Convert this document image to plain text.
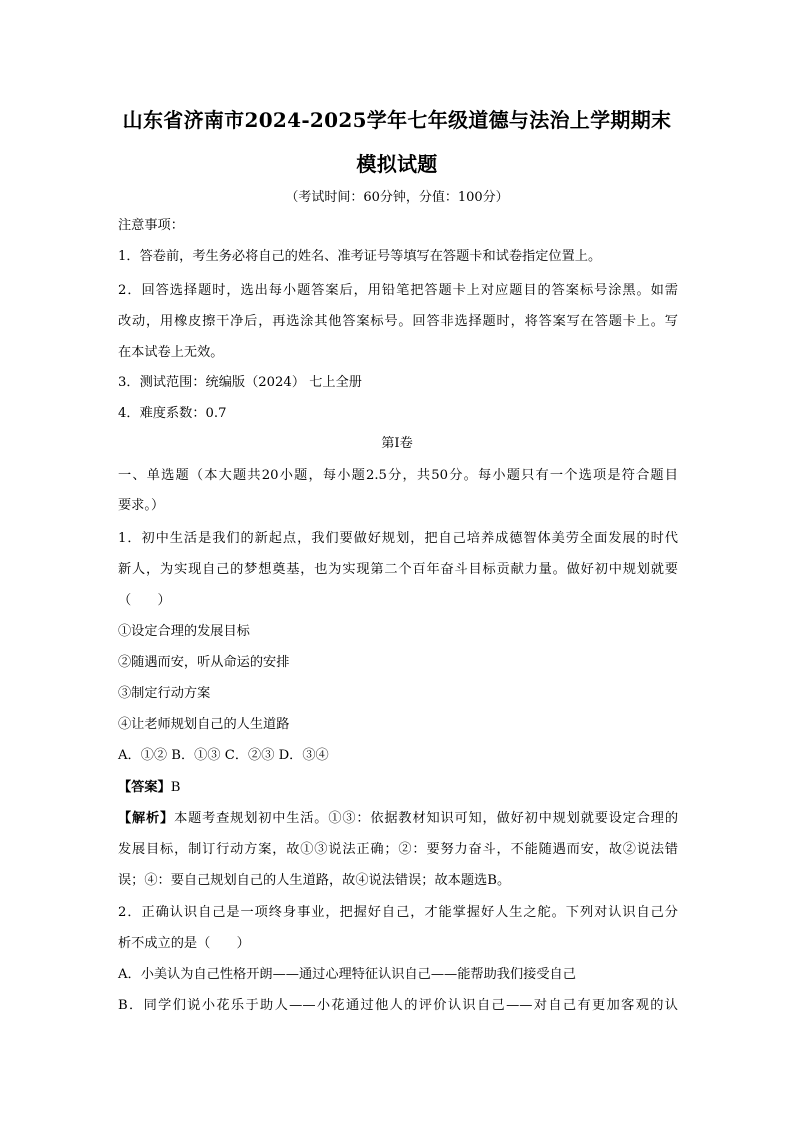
山东省济南市2024-2025学年七年级道德与法治上学期期末
模拟试题
（考试时间：60分钟，分值：100分）
注意事项：
1．答卷前，考生务必将自己的姓名、准考证号等填写在答题卡和试卷指定位置上。
2．回答选择题时，选出每小题答案后，用铅笔把答题卡上对应题目的答案标号涂黑。如需
改动，用橡皮擦干净后，再选涂其他答案标号。回答非选择题时，将答案写在答题卡上。写
在本试卷上无效。
3．测试范围：统编版（2024） 七上全册
4．难度系数：0.7
第Ⅰ卷
一、单选题（本大题共20小题，每小题2.5分，共50分。每小题只有一个选项是符合题目
要求。）
1．初中生活是我们的新起点，我们要做好规划，把自己培养成德智体美劳全面发展的时代
新人，为实现自己的梦想奠基，也为实现第二个百年奋斗目标贡献力量。做好初中规划就要
（　　）
①设定合理的发展目标
②随遇而安，听从命运的安排
③制定行动方案
④让老师规划自己的人生道路
A．①② B．①③ C．②③ D．③④
【答案】B
【解析】本题考查规划初中生活。①③：依据教材知识可知，做好初中规划就要设定合理的
发展目标，制订行动方案，故①③说法正确；②：要努力奋斗，不能随遇而安，故②说法错
误；④：要自己规划自己的人生道路，故④说法错误；故本题选B。
2．正确认识自己是一项终身事业，把握好自己，才能掌握好人生之舵。下列对认识自己分
析不成立的是（　　）
A．小美认为自己性格开朗——通过心理特征认识自己——能帮助我们接受自己
B．同学们说小花乐于助人——小花通过他人的评价认识自己——对自己有更加客观的认
